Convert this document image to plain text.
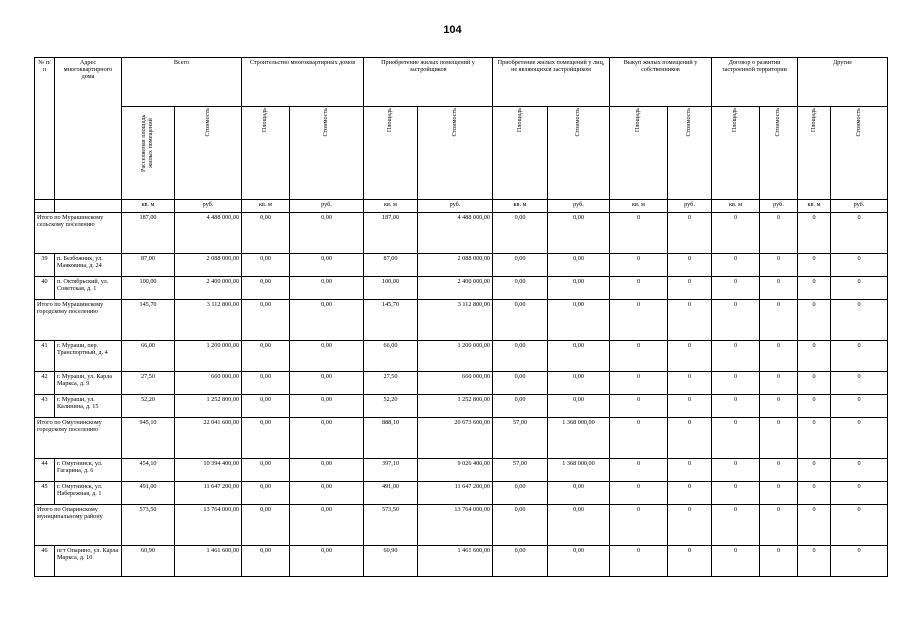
104
№ п/п	Адрес многоквартирного дома	Всего		Строительство многоквартирных домов		Приобретение жилых помещений у застройщиков		Приобретение жилых помещений у лиц, не являющихся застройщиком		Выкуп жилых помещений у собственников		Договор о развитии застроенной территории		Другие	
		Расселяемая площадь жилых помещений	Стоимость	Площадь	Стоимость	Площадь	Стоимость	Площадь	Стоимость	Площадь	Стоимость	Площадь	Стоимость	Площадь	Стоимость
		кв. м	руб.	кв. м	руб.	кв. м	руб.	кв. м	руб.	кв. м	руб.	кв. м	руб.	кв. м	руб.
Итого по Мурашинскому сельскому поселению		187,00	4 488 000,00	0,00	0,00	187,00	4 488 000,00	0,00	0,00	0	0	0	0	0	0
39	п. Безбожник, ул. Маяковина, д. 24	87,00	2 088 000,00	0,00	0,00	87,00	2 088 000,00	0,00	0,00	0	0	0	0	0	0
40	п. Октябрьский, ул. Советская, д. 1	100,00	2 400 000,00	0,00	0,00	100,00	2 400 000,00	0,00	0,00	0	0	0	0	0	0
Итого по Мурашинскому городскому поселению		145,70	3 112 800,00	0,00	0,00	145,70	3 112 800,00	0,00	0,00	0	0	0	0	0	0
41	г. Мураши, пер. Транспортный, д. 4	66,00	1 200 000,00	0,00	0,00	66,00	1 200 000,00	0,00	0,00	0	0	0	0	0	0
42	г. Мураши, ул. Карла Маркса, д. 9	27,50	660 000,00	0,00	0,00	27,50	660 000,00	0,00	0,00	0	0	0	0	0	0
43	г. Мураши, ул. Калинина, д. 15	52,20	1 252 800,00	0,00	0,00	52,20	1 252 800,00	0,00	0,00	0	0	0	0	0	0
Итого по Омутнинскому городскому поселению		945,10	22 041 600,00	0,00	0,00	888,10	20 673 600,00	57,00	1 368 000,00	0	0	0	0	0	0
44	г. Омутнинск, ул. Гагарина, д. 6	454,10	10 394 400,00	0,00	0,00	397,10	9 026 400,00	57,00	1 368 000,00	0	0	0	0	0	0
45	г. Омутнинск, ул. Набережная, д. 1	491,00	11 647 200,00	0,00	0,00	491,00	11 647 200,00	0,00	0,00	0	0	0	0	0	0
Итого по Опаринскому муниципальному району		573,50	13 764 000,00	0,00	0,00	573,50	13 764 000,00	0,00	0,00	0	0	0	0	0	0
46	пгт Опарино, ул. Карла Маркса, д. 10	60,90	1 461 600,00	0,00	0,00	60,90	1 461 600,00	0,00	0,00	0	0	0	0	0	0
